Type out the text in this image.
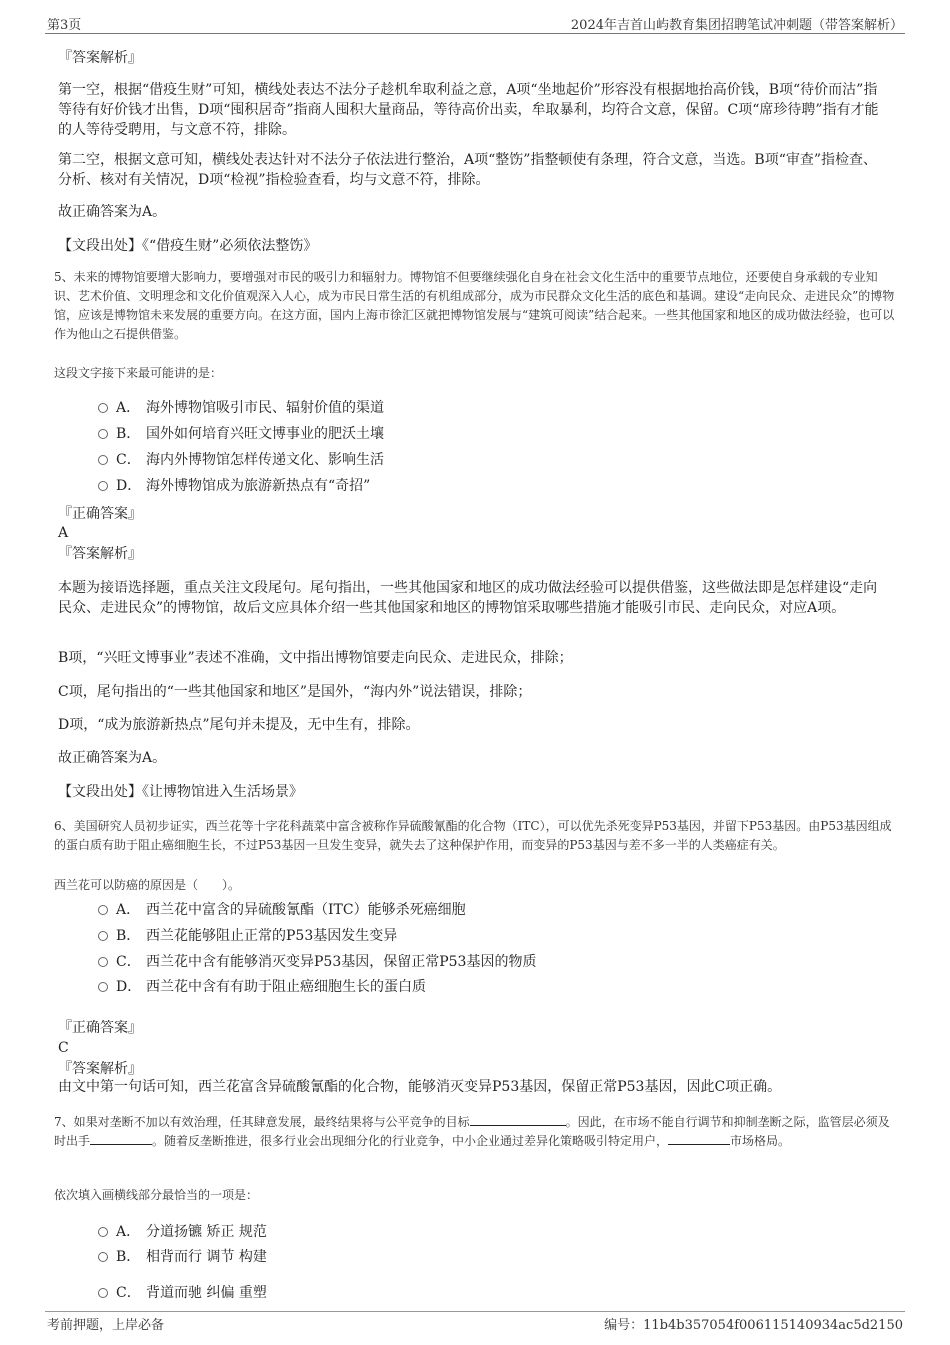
第3页	2024年吉首山屿教育集团招聘笔试冲刺题（带答案解析）
『答案解析』

第一空，根据“借疫生财”可知，横线处表达不法分子趁机牟取利益之意，A项“坐地起价”形容没有根据地抬高价钱，B项“待价而沽”指等待有好价钱才出售，D项“囤积居奇”指商人囤积大量商品，等待高价出卖，牟取暴利，均符合文意，保留。C项“席珍待聘”指有才能的人等待受聘用，与文意不符，排除。

第二空，根据文意可知，横线处表达针对不法分子依法进行整治，A项“整饬”指整顿使有条理，符合文意，当选。B项“审查”指检查、分析、核对有关情况，D项“检视”指检验查看，均与文意不符，排除。

故正确答案为A。
【文段出处】《“借疫生财”必须依法整饬》

5、未来的博物馆要增大影响力，要增强对市民的吸引力和辐射力。博物馆不但要继续强化自身在社会文化生活中的重要节点地位，还要使自身承载的专业知识、艺术价值、文明理念和文化价值观深入人心，成为市民日常生活的有机组成部分，成为市民群众文化生活的底色和基调。建设“走向民众、走进民众”的博物馆，应该是博物馆未来发展的重要方向。在这方面，国内上海市徐汇区就把博物馆发展与“建筑可阅读”结合起来。一些其他国家和地区的成功做法经验，也可以作为他山之石提供借鉴。

这段文字接下来最可能讲的是：
A． 海外博物馆吸引市民、辐射价值的渠道
B． 国外如何培育兴旺文博事业的肥沃土壤
C． 海内外博物馆怎样传递文化、影响生活
D． 海外博物馆成为旅游新热点有“奇招”
『正确答案』
A
『答案解析』

本题为接语选择题，重点关注文段尾句。尾句指出，一些其他国家和地区的成功做法经验可以提供借鉴，这些做法即是怎样建设“走向民众、走进民众”的博物馆，故后文应具体介绍一些其他国家和地区的博物馆采取哪些措施才能吸引市民、走向民众，对应A项。

B项，“兴旺文博事业”表述不准确，文中指出博物馆要走向民众、走进民众，排除；

C项，尾句指出的“一些其他国家和地区”是国外，“海内外”说法错误，排除；

D项，“成为旅游新热点”尾句并未提及，无中生有，排除。

故正确答案为A。
【文段出处】《让博物馆进入生活场景》

6、美国研究人员初步证实，西兰花等十字花科蔬菜中富含被称作异硫酸氰酯的化合物（ITC），可以优先杀死变异P53基因，并留下P53基因。由P53基因组成的蛋白质有助于阻止癌细胞生长，不过P53基因一旦发生变异，就失去了这种保护作用，而变异的P53基因与差不多一半的人类癌症有关。

西兰花可以防癌的原因是（　　）。
A． 西兰花中富含的异硫酸氰酯（ITC）能够杀死癌细胞
B． 西兰花能够阻止正常的P53基因发生变异
C． 西兰花中含有能够消灭变异P53基因，保留正常P53基因的物质
D． 西兰花中含有有助于阻止癌细胞生长的蛋白质
『正确答案』
C
『答案解析』

由文中第一句话可知，西兰花富含异硫酸氰酯的化合物，能够消灭变异P53基因，保留正常P53基因，因此C项正确。

7、如果对垄断不加以有效治理，任其肆意发展，最终结果将与公平竞争的目标	。因此，在市场不能自行调节和抑制垄断之际，监管层必须及时出手	。随着反垄断推进，很多行业会出现细分化的行业竞争，中小企业通过差异化策略吸引特定用户，	市场格局。

依次填入画横线部分最恰当的一项是：
A． 分道扬镳 矫正 规范
B． 相背而行 调节 构建
C． 背道而驰 纠偏 重塑
考前押题，上岸必备	编号：11b4b357054f006115140934ac5d2150
